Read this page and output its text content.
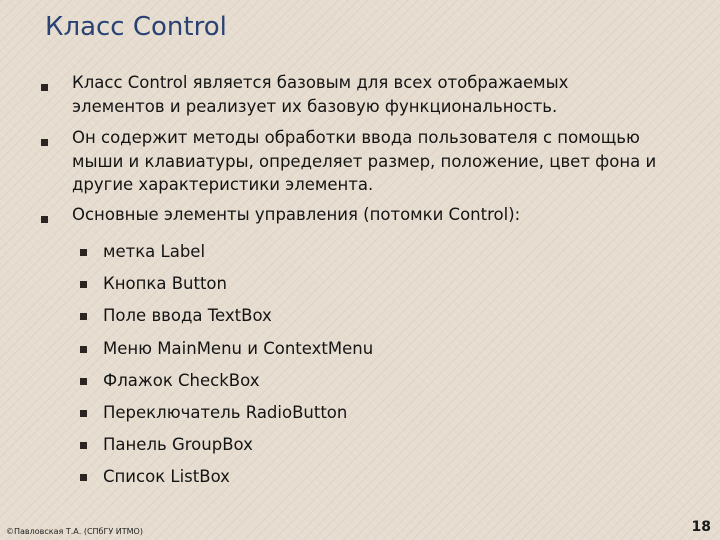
Класс Control
Класс Control является базовым для всех отображаемых
элементов и реализует их базовую функциональность.
Он содержит методы обработки ввода пользователя с помощью
мыши и клавиатуры, определяет размер, положение, цвет фона и
другие характеристики элемента.
Основные элементы управления (потомки Control):
метка Label
Кнопка Button
Поле ввода TextBox
Меню MainMenu и ContextMenu
Флажок CheckBox
Переключатель RadioButton
Панель GroupBox
Список ListBox
©Павловская Т.А. (СПбГУ ИТМО)	18
